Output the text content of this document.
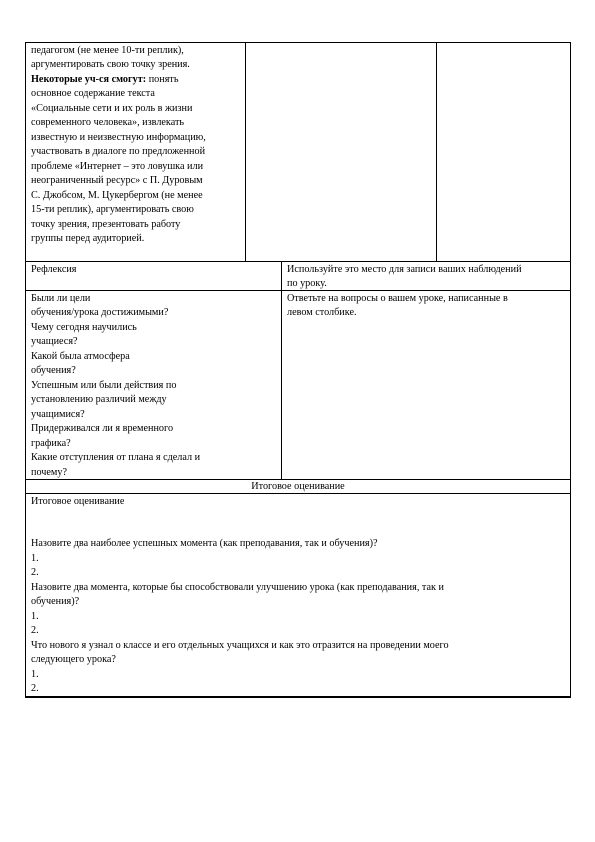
педагогом (не менее 10-ти реплик),

аргументировать свою точку зрения.

Некоторые уч-ся смогут: понять

основное содержание текста

«Социальные сети и их роль в жизни

современного человека», извлекать

известную и неизвестную информацию,

участвовать в диалоге по предложенной

проблеме «Интернет – это ловушка или

неограниченный ресурс» с П. Дуровым

С. Джобсом, М. Цукербергом (не менее

15-ти реплик), аргументировать свою

точку зрения, презентовать работу

группы перед аудиторией.

Рефлексия	Используйте это место для записи ваших наблюдений

по уроку.

Были ли цели

обучения/урока достижимыми?

Чему сегодня научились

учащиеся?

Какой была атмосфера

обучения?

Успешным или были действия по

установлению различий между

учащимися?

Придерживался ли я временного

графика?

Какие отступления от плана я сделал и

почему?

Ответьте на вопросы о вашем уроке, написанные в

левом столбике.

Итоговое оценивание

Итоговое оценивание

Назовите два наиболее успешных момента (как преподавания, так и обучения)?

1.

2.

Назовите два момента, которые бы способствовали улучшению урока (как преподавания, так и

обучения)?

1.

2.

Что нового я узнал о классе и его отдельных учащихся и как это отразится на проведении моего

следующего урока?

1.

2.
